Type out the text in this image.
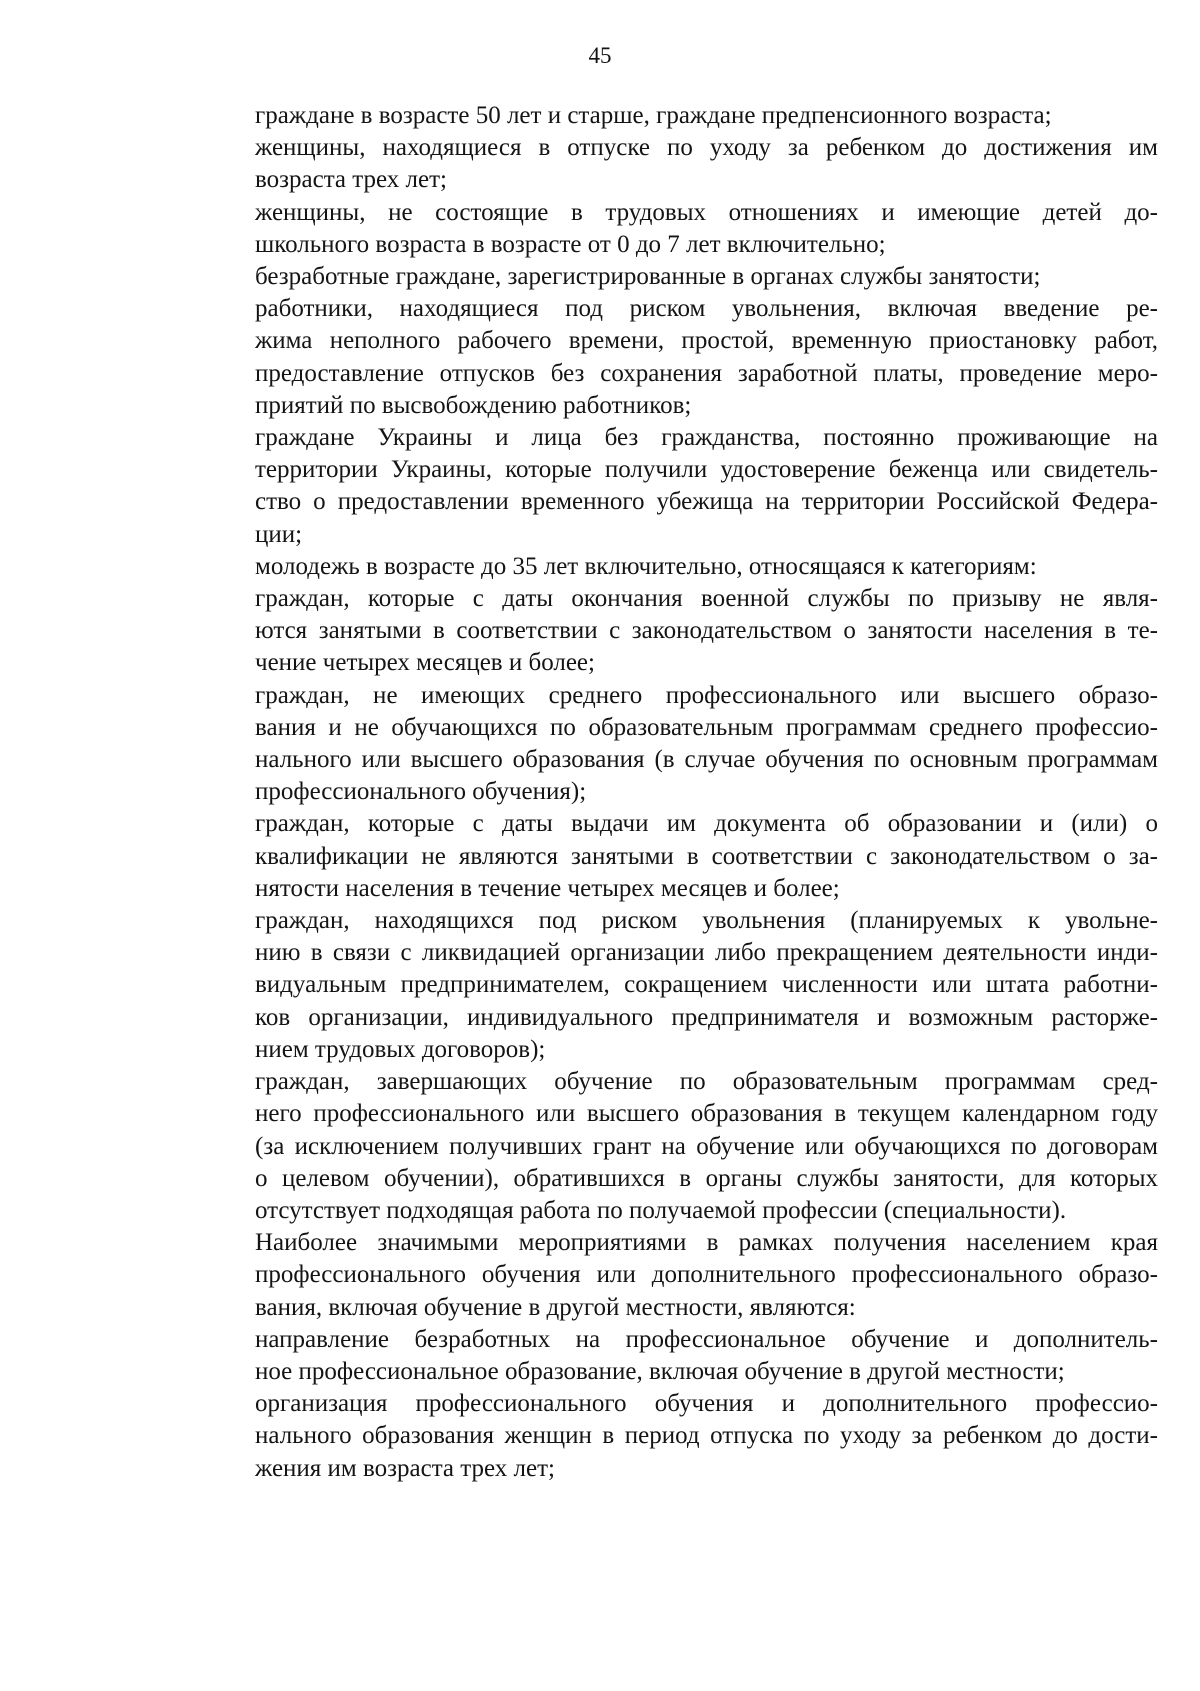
45

граждане в возрасте 50 лет и старше, граждане предпенсионного возраста;

женщины, находящиеся в отпуске по уходу за ребенком до достижения им
возраста трех лет;

женщины, не состоящие в трудовых отношениях и имеющие детей до-
школьного возраста в возрасте от 0 до 7 лет включительно;

безработные граждане, зарегистрированные в органах службы занятости;

работники, находящиеся под риском увольнения, включая введение ре-
жима неполного рабочего времени, простой, временную приостановку работ,
предоставление отпусков без сохранения заработной платы, проведение меро-
приятий по высвобождению работников;

граждане Украины и лица без гражданства, постоянно проживающие на
территории Украины, которые получили удостоверение беженца или свидетель-
ство о предоставлении временного убежища на территории Российской Федера-
ции;

молодежь в возрасте до 35 лет включительно, относящаяся к категориям:

граждан, которые с даты окончания военной службы по призыву не явля-
ются занятыми в соответствии с законодательством о занятости населения в те-
чение четырех месяцев и более;

граждан, не имеющих среднего профессионального или высшего образо-
вания и не обучающихся по образовательным программам среднего профессио-
нального или высшего образования (в случае обучения по основным программам
профессионального обучения);

граждан, которые с даты выдачи им документа об образовании и (или) о
квалификации не являются занятыми в соответствии с законодательством о за-
нятости населения в течение четырех месяцев и более;

граждан, находящихся под риском увольнения (планируемых к увольне-
нию в связи с ликвидацией организации либо прекращением деятельности инди-
видуальным предпринимателем, сокращением численности или штата работни-
ков организации, индивидуального предпринимателя и возможным расторже-
нием трудовых договоров);

граждан, завершающих обучение по образовательным программам сред-
него профессионального или высшего образования в текущем календарном году
(за исключением получивших грант на обучение или обучающихся по договорам
о целевом обучении), обратившихся в органы службы занятости, для которых
отсутствует подходящая работа по получаемой профессии (специальности).

Наиболее значимыми мероприятиями в рамках получения населением края
профессионального обучения или дополнительного профессионального образо-
вания, включая обучение в другой местности, являются:

направление безработных на профессиональное обучение и дополнитель-
ное профессиональное образование, включая обучение в другой местности;

организация профессионального обучения и дополнительного профессио-
нального образования женщин в период отпуска по уходу за ребенком до дости-
жения им возраста трех лет;
